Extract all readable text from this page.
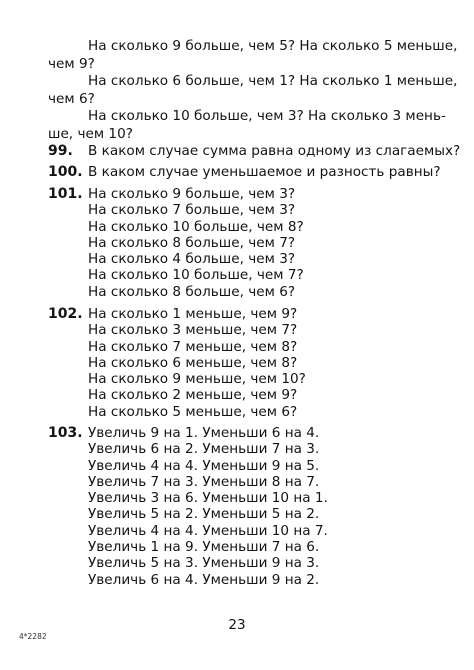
На сколько 9 больше, чем 5? На сколько 5 меньше,
чем 9?
На сколько 6 больше, чем 1? На сколько 1 меньше,
чем 6?
На сколько 10 больше, чем 3? На сколько 3 мень-
ше, чем 10?
99.	В каком случае сумма равна одному из слагаемых?
100. В каком случае уменьшаемое и разность равны?
101. На сколько 9 больше, чем 3?
На сколько 7 больше, чем 3?
На сколько 10 больше, чем 8?
На сколько 8 больше, чем 7?
На сколько 4 больше, чем 3?
На сколько 10 больше, чем 7?
На сколько 8 больше, чем 6?
102. На сколько 1 меньше, чем 9?
На сколько 3 меньше, чем 7?
На сколько 7 меньше, чем 8?
На сколько 6 меньше, чем 8?
На сколько 9 меньше, чем 10?
На сколько 2 меньше, чем 9?
На сколько 5 меньше, чем 6?
103. Увеличь 9 на 1. Уменьши 6 на 4.
Увеличь 6 на 2. Уменьши 7 на 3.
Увеличь 4 на 4. Уменьши 9 на 5.
Увеличь 7 на 3. Уменьши 8 на 7.
Увеличь 3 на 6. Уменьши 10 на 1.
Увеличь 5 на 2. Уменьши 5 на 2.
Увеличь 4 на 4. Уменьши 10 на 7.
Увеличь 1 на 9. Уменьши 7 на 6.
Увеличь 5 на 3. Уменьши 9 на 3.
Увеличь 6 на 4. Уменьши 9 на 2.
23
4*2282
